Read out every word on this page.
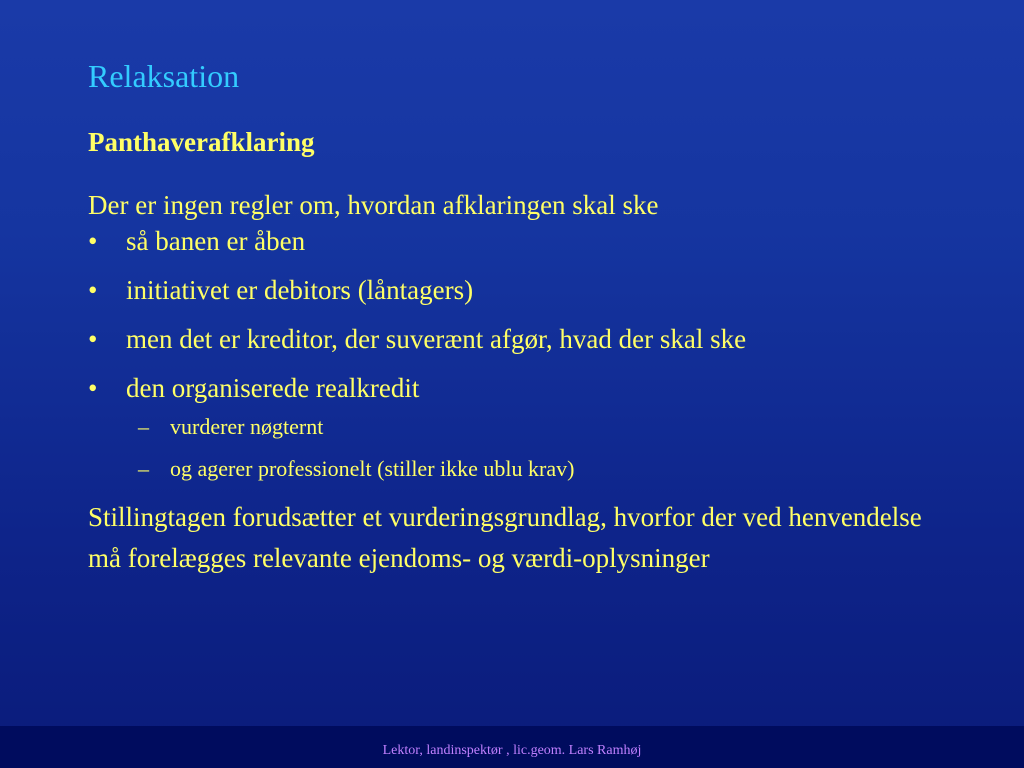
Relaksation
Panthaverafklaring
Der er ingen regler om, hvordan afklaringen skal ske
• så banen er åben
• initiativet er debitors (låntagers)
• men det er kreditor, der suverænt afgør, hvad der skal ske
• den organiserede realkredit
– vurderer nøgternt
– og agerer professionelt (stiller ikke ublu krav)
Stillingtagen forudsætter et vurderingsgrundlag, hvorfor der ved henvendelse må forelægges relevante ejendoms- og værdi-oplysninger
Lektor, landinspektør , lic.geom. Lars Ramhøj
